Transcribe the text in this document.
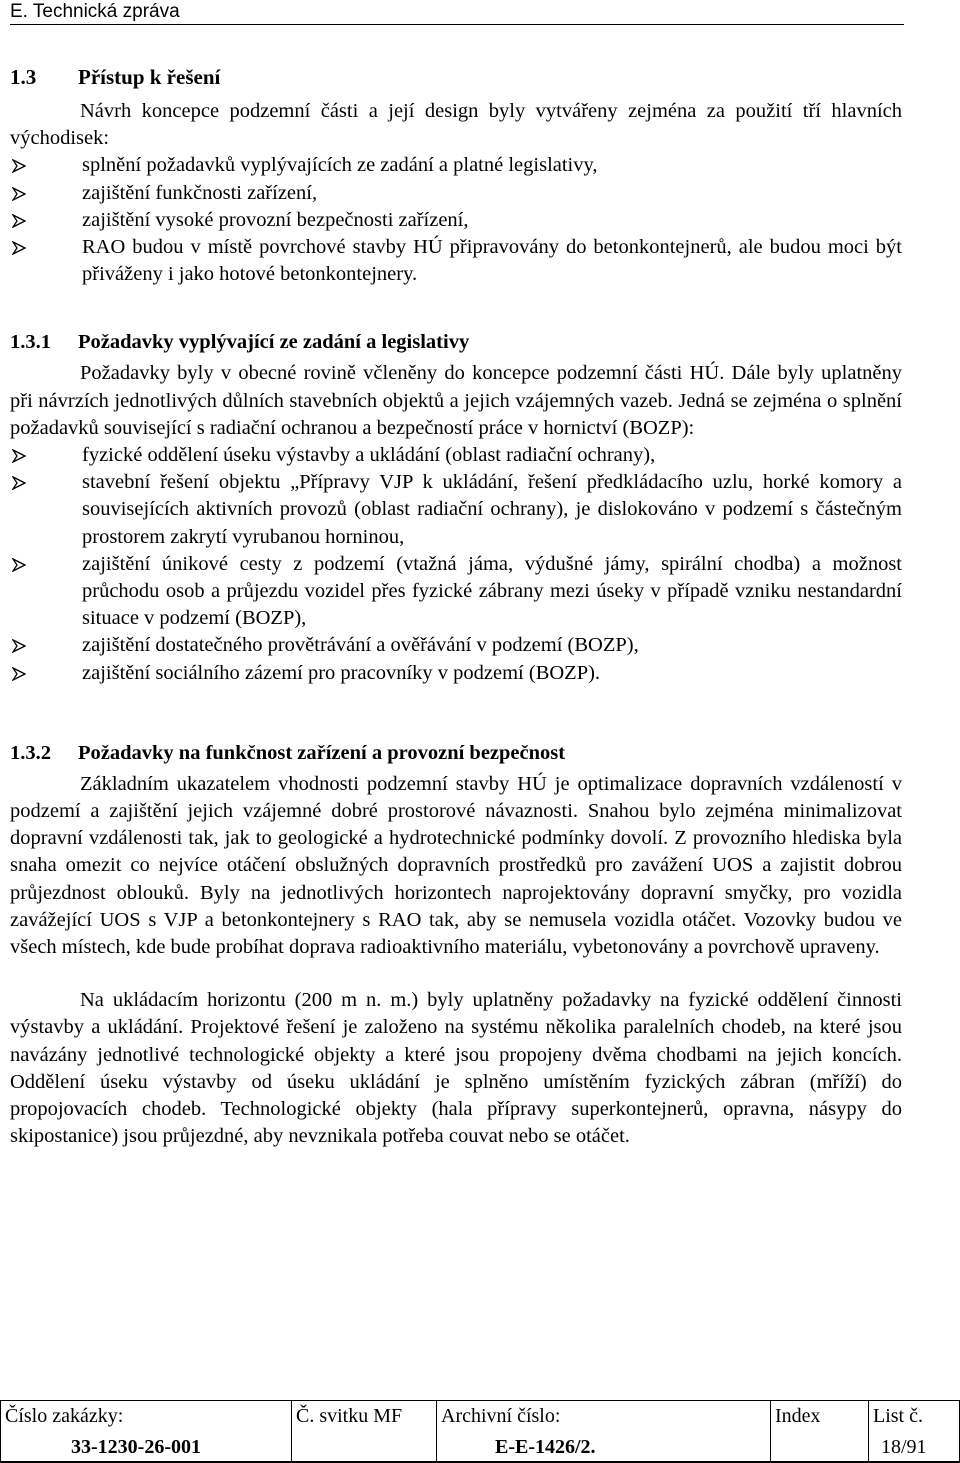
E. Technická zpráva
1.3 Přístup k řešení

Návrh koncepce podzemní části a její design byly vytvářeny zejména za použití tří hlavních východisek:

splnění požadavků vyplývajících ze zadání a platné legislativy,
zajištění funkčnosti zařízení,
zajištění vysoké provozní bezpečnosti zařízení,
RAO budou v místě povrchové stavby HÚ připravovány do betonkontejnerů, ale budou moci být přiváženy i jako hotové betonkontejnery.
1.3.1 Požadavky vyplývající ze zadání a legislativy

Požadavky byly v obecné rovině včleněny do koncepce podzemní části HÚ. Dále byly uplatněny při návrzích jednotlivých důlních stavebních objektů a jejich vzájemných vazeb. Jedná se zejména o splnění požadavků související s radiační ochranou a bezpečností práce v hornictví (BOZP):

fyzické oddělení úseku výstavby a ukládání (oblast radiační ochrany),
stavební řešení objektu „Přípravy VJP k ukládání, řešení předkládacího uzlu, horké komory a souvisejících aktivních provozů (oblast radiační ochrany), je dislokováno v podzemí s částečným prostorem zakrytí vyrubanou horninou,
zajištění únikové cesty z podzemí (vtažná jáma, výdušné jámy, spirální chodba) a možnost průchodu osob a průjezdu vozidel přes fyzické zábrany mezi úseky v případě vzniku nestandardní situace v podzemí (BOZP),
zajištění dostatečného provětrávání a ověřávání v podzemí (BOZP),
zajištění sociálního zázemí pro pracovníky v podzemí (BOZP).
1.3.2 Požadavky na funkčnost zařízení a provozní bezpečnost

Základním ukazatelem vhodnosti podzemní stavby HÚ je optimalizace dopravních vzdáleností v podzemí a zajištění jejich vzájemné dobré prostorové návaznosti. Snahou bylo zejména minimalizovat dopravní vzdálenosti tak, jak to geologické a hydrotechnické podmínky dovolí. Z provozního hlediska byla snaha omezit co nejvíce otáčení obslužných dopravních prostředků pro zavážení UOS a zajistit dobrou průjezdnost oblouků. Byly na jednotlivých horizontech naprojektovány dopravní smyčky, pro vozidla zavážející UOS s VJP a betonkontejnery s RAO tak, aby se nemusela vozidla otáčet. Vozovky budou ve všech místech, kde bude probíhat doprava radioaktivního materiálu, vybetonovány a povrchově upraveny.

Na ukládacím horizontu (200 m n. m.) byly uplatněny požadavky na fyzické oddělení činnosti výstavby a ukládání. Projektové řešení je založeno na systému několika paralelních chodeb, na které jsou navázány jednotlivé technologické objekty a které jsou propojeny dvěma chodbami na jejich koncích. Oddělení úseku výstavby od úseku ukládání je splněno umístěním fyzických zábran (mříží) do propojovacích chodeb. Technologické objekty (hala přípravy superkontejnerů, opravna, násypy do skipostanice) jsou průjezdné, aby nevznikala potřeba couvat nebo se otáčet.

Číslo zakázky:
33-1230-26-001
Č. svitku MF	Archivní číslo:
E-E-1426/2.
Index	List č.
18/91
